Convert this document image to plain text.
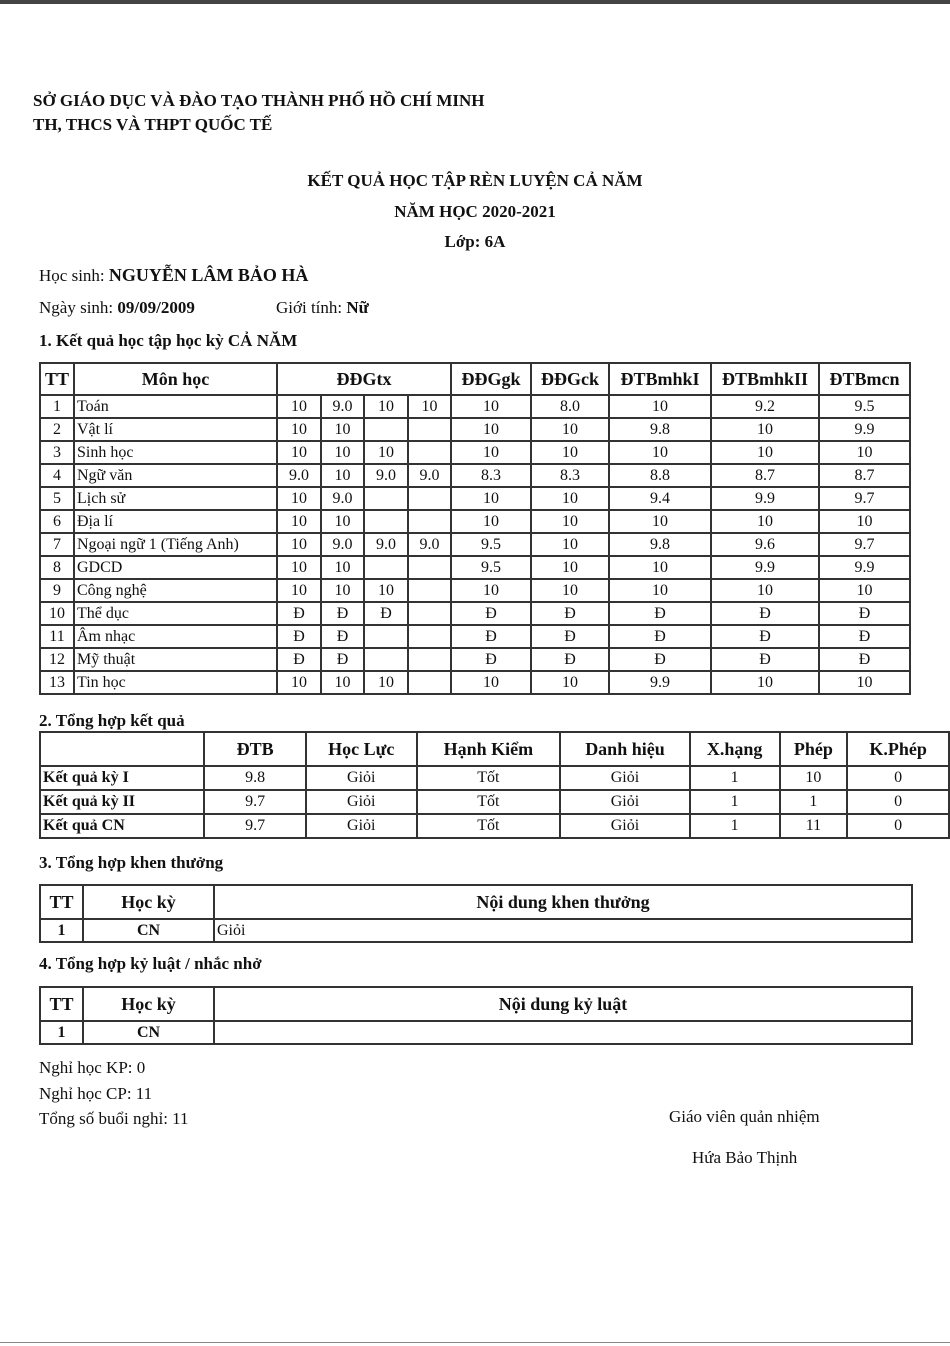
SỞ GIÁO DỤC VÀ ĐÀO TẠO THÀNH PHỐ HỒ CHÍ MINH
TH, THCS VÀ THPT QUỐC TẾ
KẾT QUẢ HỌC TẬP RÈN LUYỆN CẢ NĂM
NĂM HỌC 2020-2021
Lớp: 6A
Học sinh: NGUYỄN LÂM BẢO HÀ
Ngày sinh: 09/09/2009	Giới tính: Nữ
1. Kết quả học tập học kỳ CẢ NĂM
TT	Môn học	ĐĐGtx				ĐĐGgk	ĐĐGck	ĐTBmhkI	ĐTBmhkII	ĐTBmcn
1	Toán	10	9.0	10	10	10	8.0	10	9.2	9.5
2	Vật lí	10	10			10	10	9.8	10	9.9
3	Sinh học	10	10	10		10	10	10	10	10
4	Ngữ văn	9.0	10	9.0	9.0	8.3	8.3	8.8	8.7	8.7
5	Lịch sử	10	9.0			10	10	9.4	9.9	9.7
6	Địa lí	10	10			10	10	10	10	10
7	Ngoại ngữ 1 (Tiếng Anh)	10	9.0	9.0	9.0	9.5	10	9.8	9.6	9.7
8	GDCD	10	10			9.5	10	10	9.9	9.9
9	Công nghệ	10	10	10		10	10	10	10	10
10	Thể dục	Đ	Đ	Đ		Đ	Đ	Đ	Đ	Đ
11	Âm nhạc	Đ	Đ			Đ	Đ	Đ	Đ	Đ
12	Mỹ thuật	Đ	Đ			Đ	Đ	Đ	Đ	Đ
13	Tin học	10	10	10		10	10	9.9	10	10
2. Tổng hợp kết quả
	ĐTB	Học Lực	Hạnh Kiểm	Danh hiệu	X.hạng	Phép	K.Phép
Kết quả kỳ I	9.8	Giỏi	Tốt	Giỏi	1	10	0
Kết quả kỳ II	9.7	Giỏi	Tốt	Giỏi	1	1	0
Kết quả CN	9.7	Giỏi	Tốt	Giỏi	1	11	0
3. Tổng hợp khen thưởng
TT	Học kỳ	Nội dung khen thưởng
1	CN	Giỏi
4. Tổng hợp kỷ luật / nhắc nhở
TT	Học kỳ	Nội dung kỷ luật
1	CN	
Nghỉ học KP: 0
Nghỉ học CP: 11
Tổng số buổi nghỉ: 11	Giáo viên quản nhiệm
Hứa Bảo Thịnh
